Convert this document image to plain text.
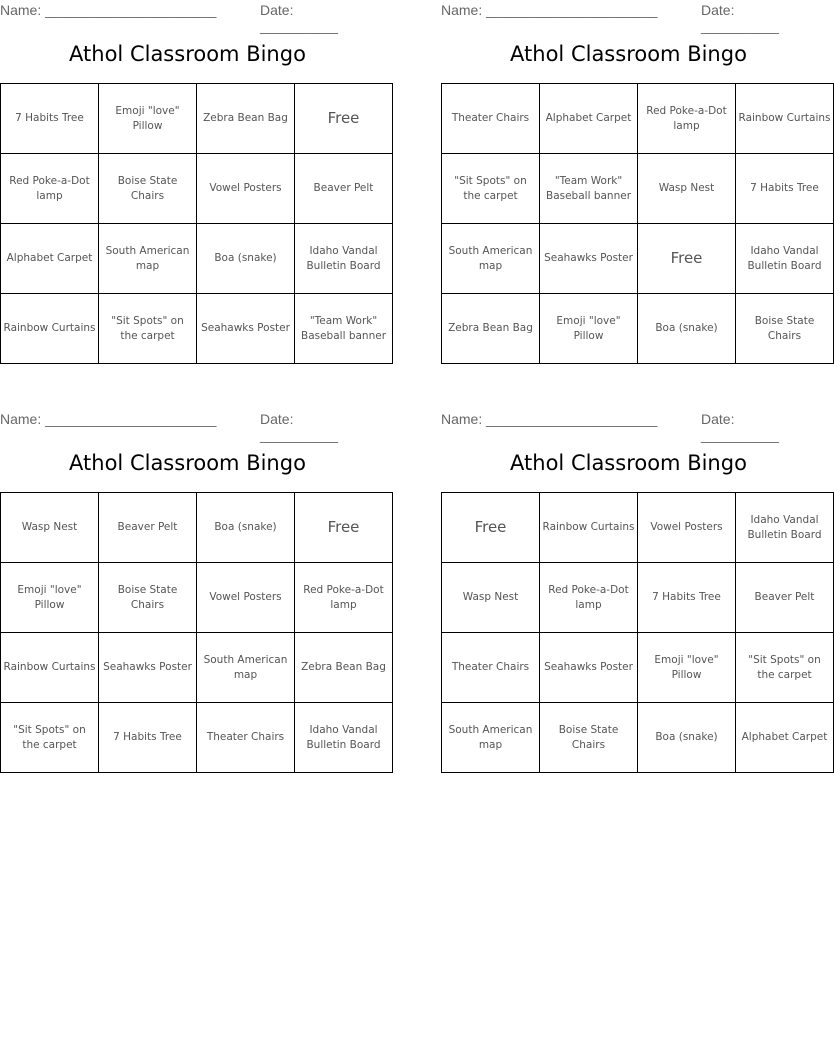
Name: ______________________	Date: __________
Athol Classroom Bingo
7 Habits Tree	Emoji "love" Pillow	Zebra Bean Bag	Free
Red Poke-a-Dot lamp	Boise State Chairs	Vowel Posters	Beaver Pelt
Alphabet Carpet	South American map	Boa (snake)	Idaho Vandal Bulletin Board
Rainbow Curtains	"Sit Spots" on the carpet	Seahawks Poster	"Team Work" Baseball banner
Name: ______________________	Date: __________
Athol Classroom Bingo
Theater Chairs	Alphabet Carpet	Red Poke-a-Dot lamp	Rainbow Curtains
"Sit Spots" on the carpet	"Team Work" Baseball banner	Wasp Nest	7 Habits Tree
South American map	Seahawks Poster	Free	Idaho Vandal Bulletin Board
Zebra Bean Bag	Emoji "love" Pillow	Boa (snake)	Boise State Chairs
Name: ______________________	Date: __________
Athol Classroom Bingo
Wasp Nest	Beaver Pelt	Boa (snake)	Free
Emoji "love" Pillow	Boise State Chairs	Vowel Posters	Red Poke-a-Dot lamp
Rainbow Curtains	Seahawks Poster	South American map	Zebra Bean Bag
"Sit Spots" on the carpet	7 Habits Tree	Theater Chairs	Idaho Vandal Bulletin Board
Name: ______________________	Date: __________
Athol Classroom Bingo
Free	Rainbow Curtains	Vowel Posters	Idaho Vandal Bulletin Board
Wasp Nest	Red Poke-a-Dot lamp	7 Habits Tree	Beaver Pelt
Theater Chairs	Seahawks Poster	Emoji "love" Pillow	"Sit Spots" on the carpet
South American map	Boise State Chairs	Boa (snake)	Alphabet Carpet
